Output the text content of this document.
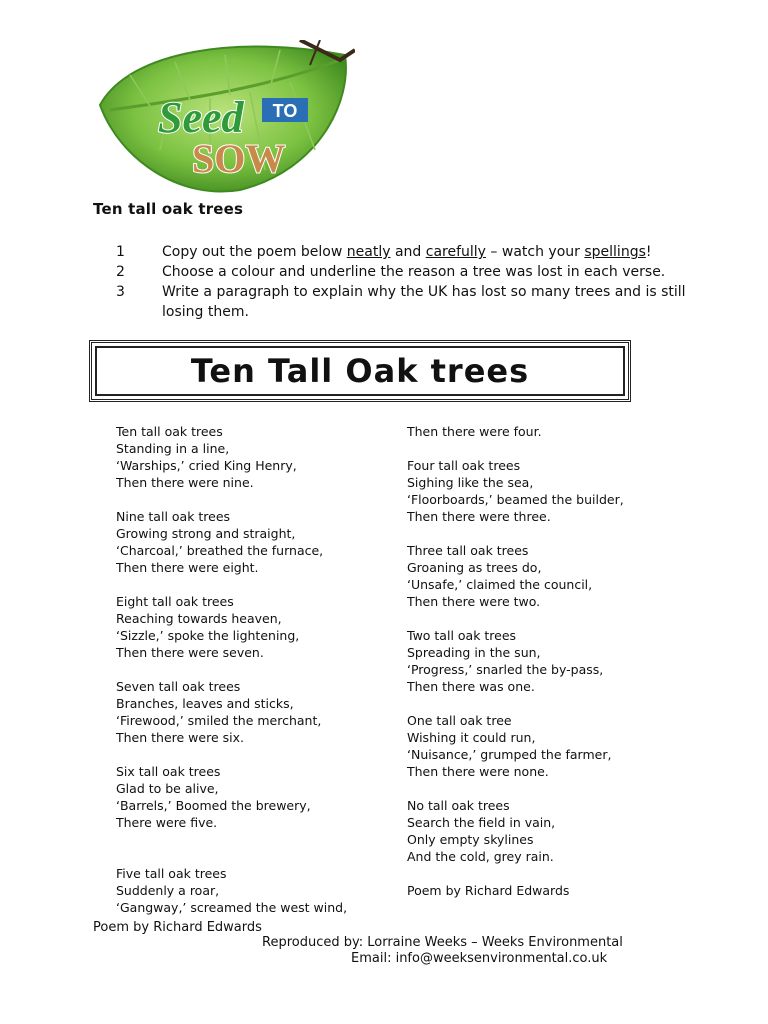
Seed TO
SOW
Ten tall oak trees
1	Copy out the poem below neatly and carefully – watch your spellings!
2	Choose a colour and underline the reason a tree was lost in each verse.
3	Write a paragraph to explain why the UK has lost so many trees and is still losing them.
Ten Tall Oak trees
Ten tall oak trees
Standing in a line,
‘Warships,’ cried King Henry,
Then there were nine.
Nine tall oak trees
Growing strong and straight,
‘Charcoal,’ breathed the furnace,
Then there were eight.
Eight tall oak trees
Reaching towards heaven,
‘Sizzle,’ spoke the lightening,
Then there were seven.
Seven tall oak trees
Branches, leaves and sticks,
‘Firewood,’ smiled the merchant,
Then there were six.
Six tall oak trees
Glad to be alive,
‘Barrels,’ Boomed the brewery,
There were five.
Five tall oak trees
Suddenly a roar,
‘Gangway,’ screamed the west wind,
Then there were four.
Four tall oak trees
Sighing like the sea,
‘Floorboards,’ beamed the builder,
Then there were three.
Three tall oak trees
Groaning as trees do,
‘Unsafe,’ claimed the council,
Then there were two.
Two tall oak trees
Spreading in the sun,
‘Progress,’ snarled the by-pass,
Then there was one.
One tall oak tree
Wishing it could run,
‘Nuisance,’ grumped the farmer,
Then there were none.
No tall oak trees
Search the field in vain,
Only empty skylines
And the cold, grey rain.
Poem by Richard Edwards
Poem by Richard Edwards
Reproduced by: Lorraine Weeks – Weeks Environmental
Email: info@weeksenvironmental.co.uk
